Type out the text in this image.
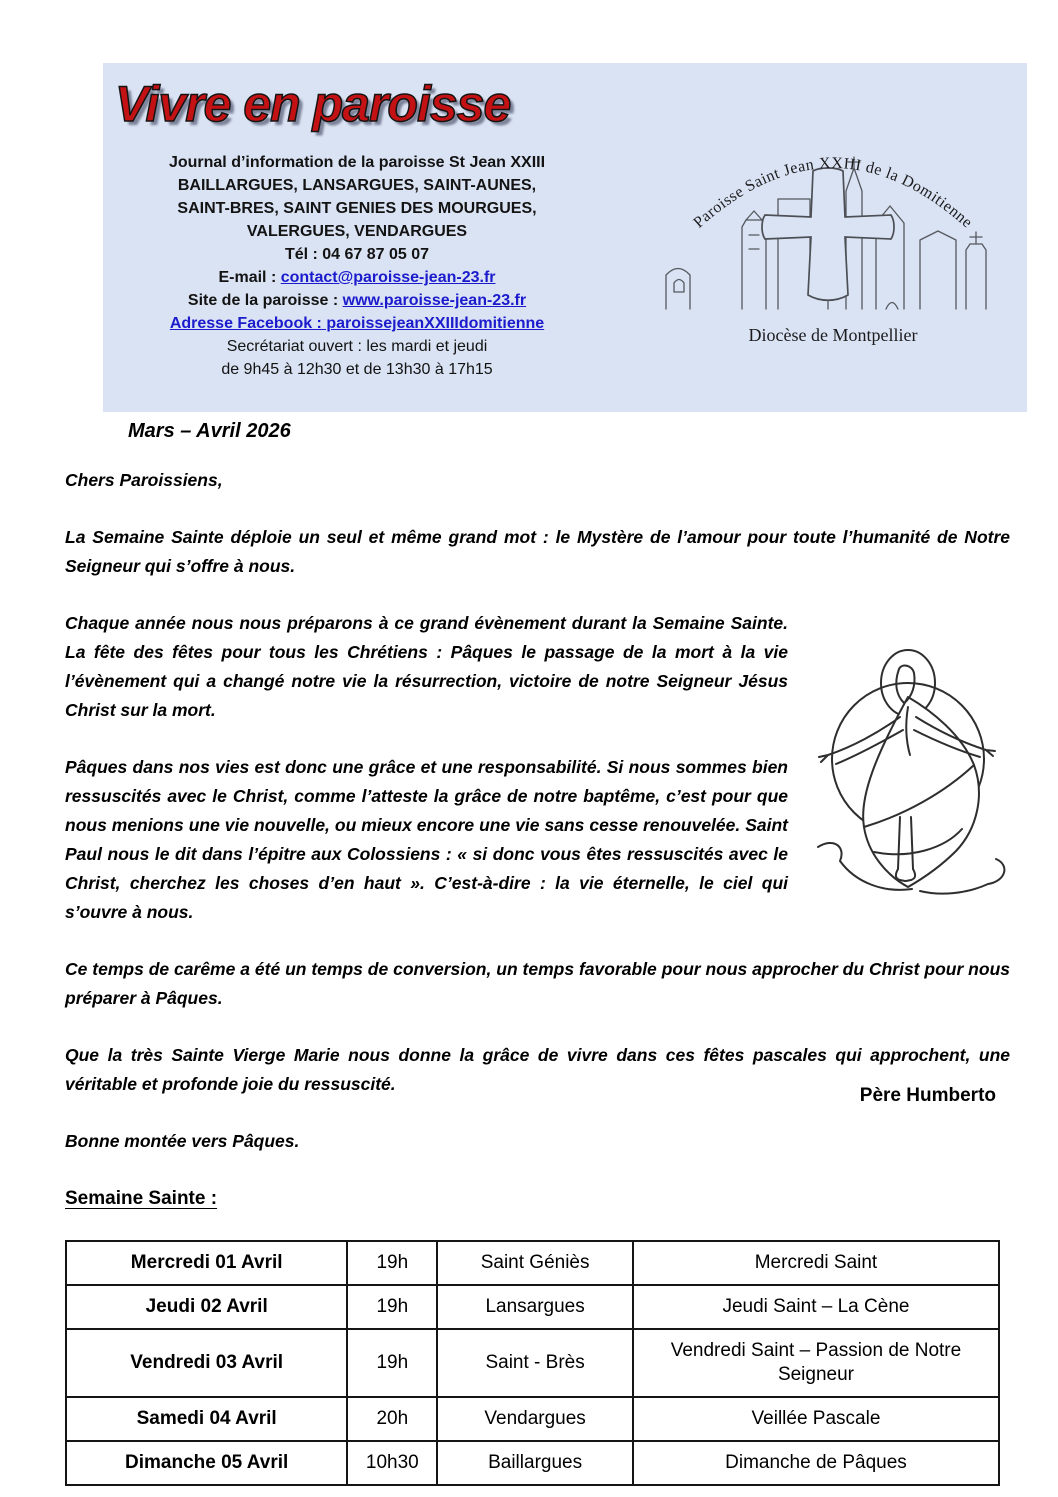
Vivre en paroisse
Journal d’information de la paroisse St Jean XXIII
BAILLARGUES, LANSARGUES, SAINT-AUNES,
SAINT-BRES, SAINT GENIES DES MOURGUES,
VALERGUES, VENDARGUES
Tél : 04 67 87 05 07
E-mail : contact@paroisse-jean-23.fr
Site de la paroisse : www.paroisse-jean-23.fr
Adresse Facebook : paroissejeanXXIIIdomitienne
Secrétariat ouvert : les mardi et jeudi
de 9h45 à 12h30 et de 13h30 à 17h15
Paroisse Saint Jean XXIII de la Domitienne
Diocèse de Montpellier
Mars – Avril 2026

Chers Paroissiens,

La Semaine Sainte déploie un seul et même grand mot : le Mystère de l’amour pour toute l’humanité de Notre Seigneur qui s’offre à nous.

Chaque année nous nous préparons à ce grand évènement durant la Semaine Sainte. La fête des fêtes pour tous les Chrétiens : Pâques le passage de la mort à la vie l’évènement qui a changé notre vie la résurrection, victoire de notre Seigneur Jésus Christ sur la mort.

Pâques dans nos vies est donc une grâce et une responsabilité. Si nous sommes bien ressuscités avec le Christ, comme l’atteste la grâce de notre baptême, c’est pour que nous menions une vie nouvelle, ou mieux encore une vie sans cesse renouvelée. Saint Paul nous le dit dans l’épitre aux Colossiens : « si donc vous êtes ressuscités avec le Christ, cherchez les choses d’en haut ». C’est-à-dire : la vie éternelle, le ciel qui s’ouvre à nous.

Ce temps de carême a été un temps de conversion, un temps favorable pour nous approcher du Christ pour nous préparer à Pâques.

Que la très Sainte Vierge Marie nous donne la grâce de vivre dans ces fêtes pascales qui approchent, une véritable et profonde joie du ressuscité.

Bonne montée vers Pâques.

Père Humberto
Semaine Sainte :
Mercredi 01 Avril	19h	Saint Géniès	Mercredi Saint
Jeudi 02 Avril	19h	Lansargues	Jeudi Saint – La Cène
Vendredi 03 Avril	19h	Saint - Brès	Vendredi Saint – Passion de Notre Seigneur
Samedi 04 Avril	20h	Vendargues	Veillée Pascale
Dimanche 05 Avril	10h30	Baillargues	Dimanche de Pâques
